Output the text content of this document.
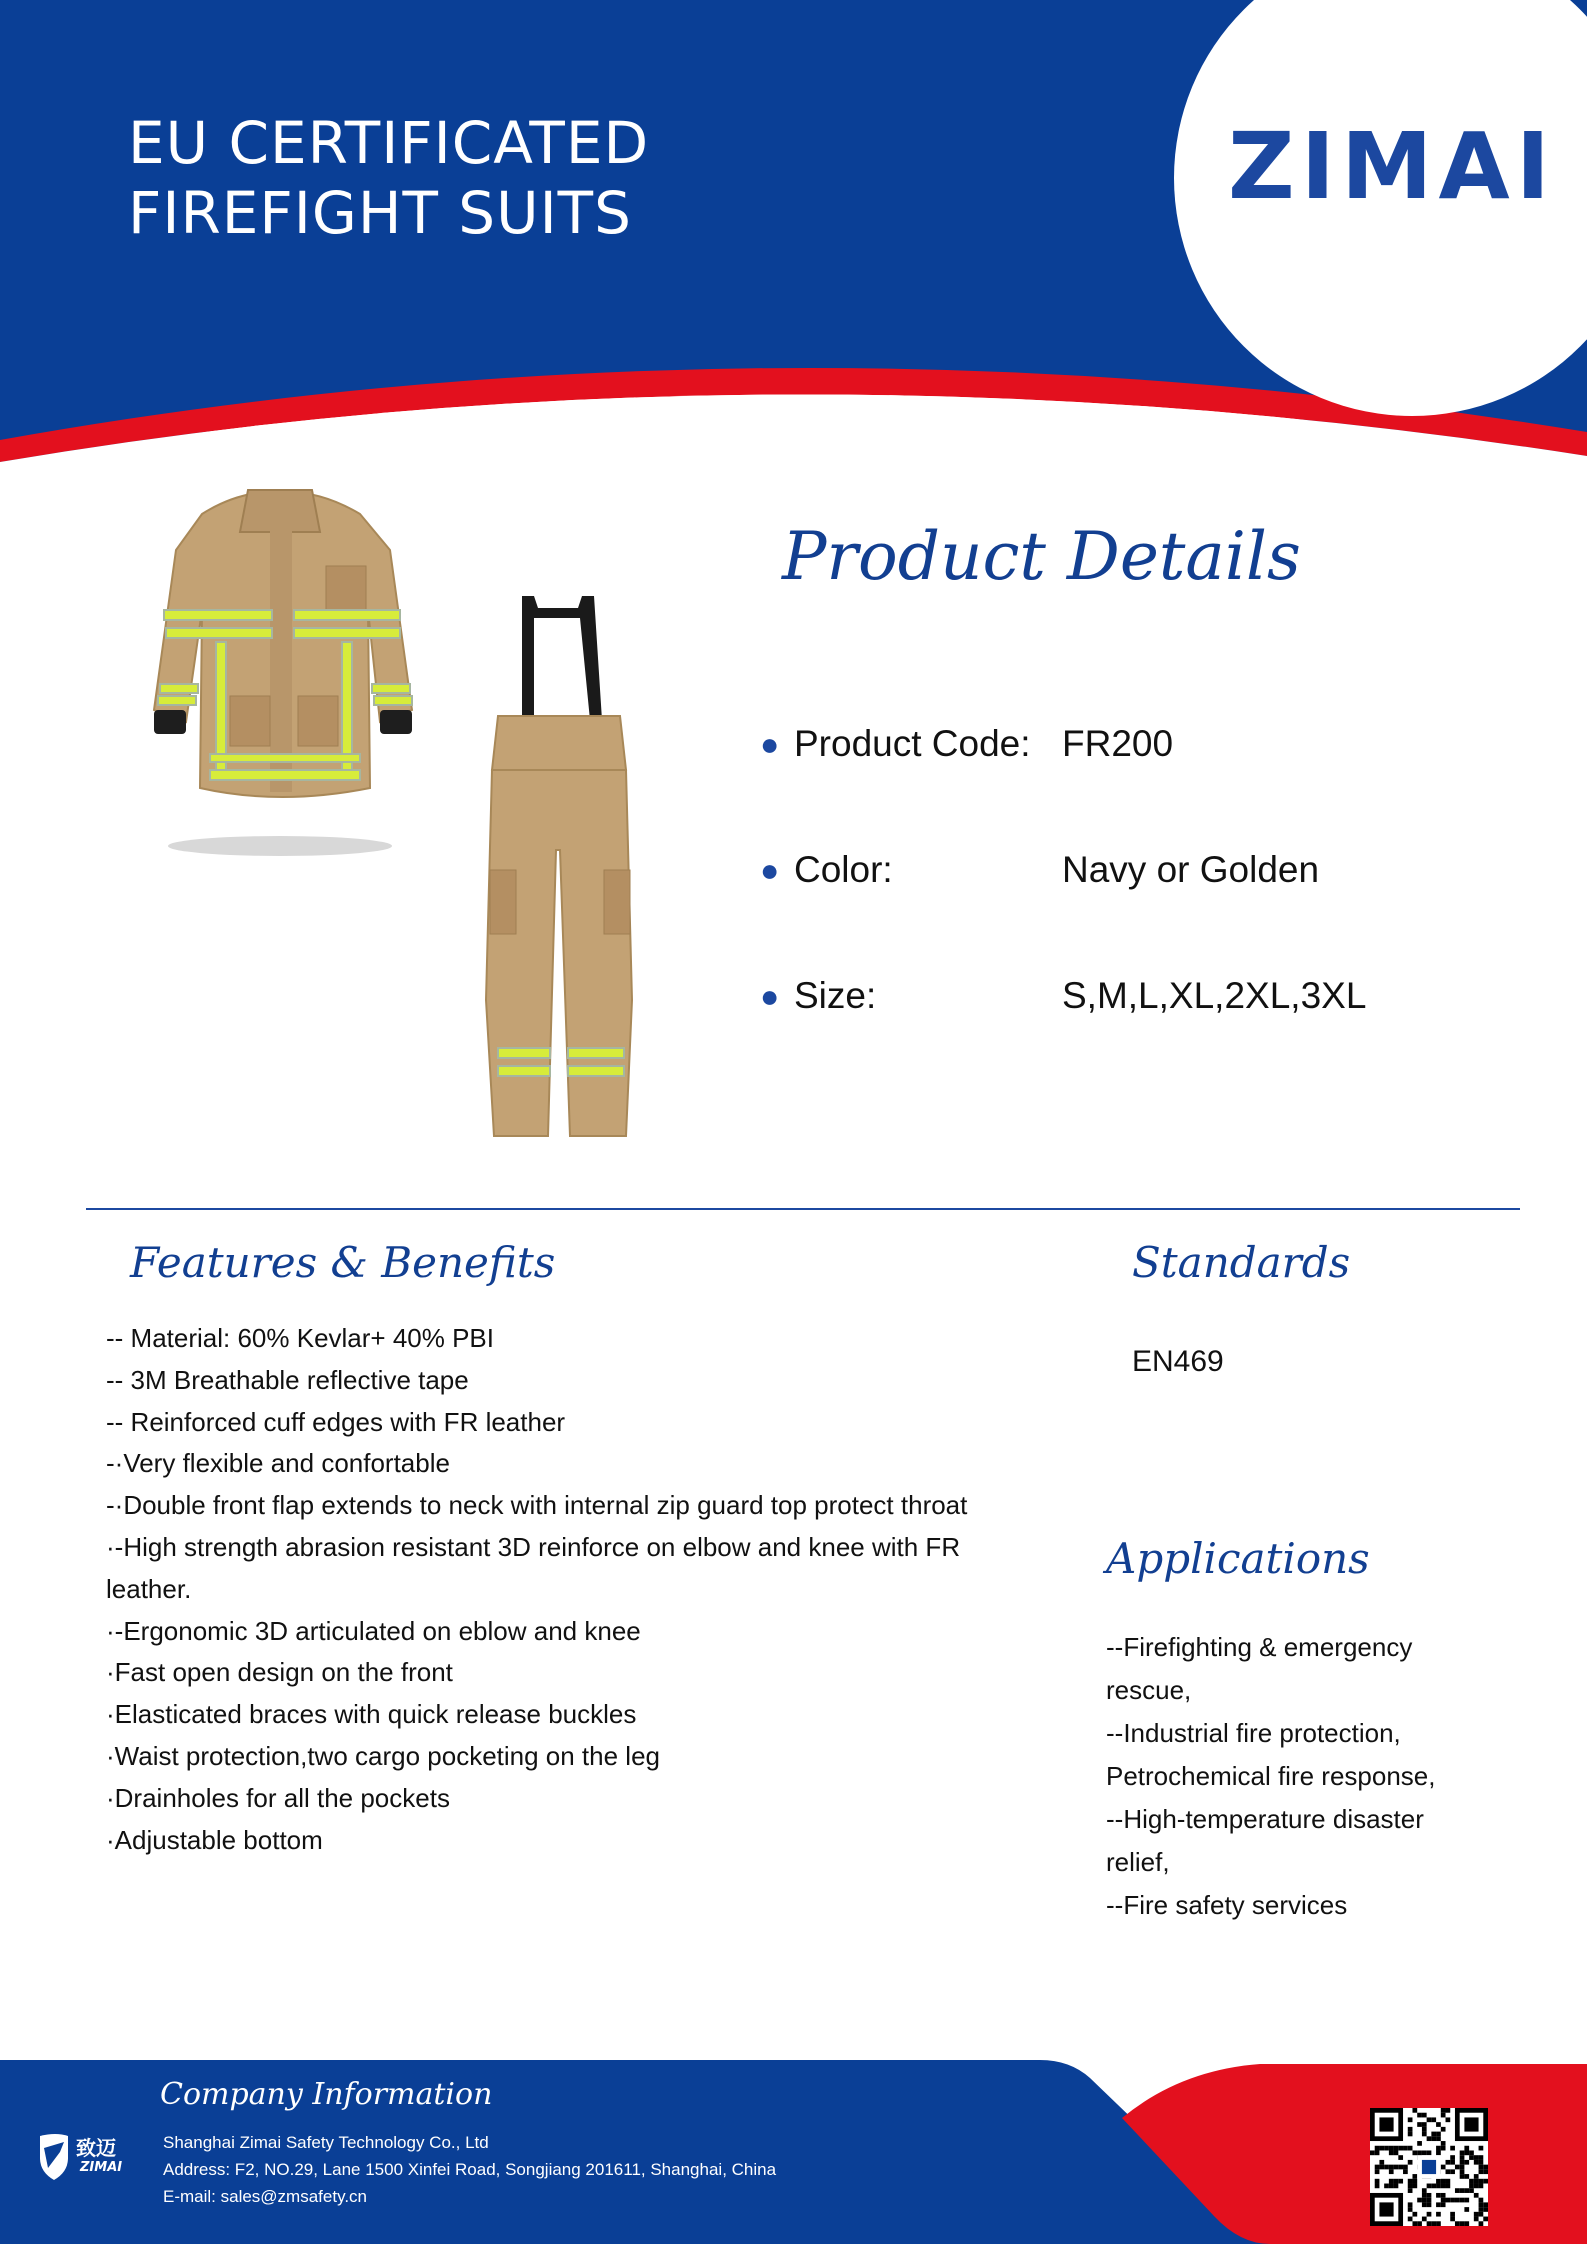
EU CERTIFICATED
FIREFIGHT SUITS	ZIMAI
Product Details
● Product Code: FR200
● Color:	Navy or Golden
● Size:	S,M,L,XL,2XL,3XL
Features & Benefits
-- Material: 60% Kevlar+ 40% PBI
-- 3M Breathable reflective tape
-- Reinforced cuff edges with FR leather
-·Very flexible and confortable
-·Double front flap extends to neck with internal zip guard top protect throat
·-High strength abrasion resistant 3D reinforce on elbow and knee with FR leather.
·-Ergonomic 3D articulated on eblow and knee
·Fast open design on the front
·Elasticated braces with quick release buckles
·Waist protection,two cargo pocketing on the leg
·Drainholes for all the pockets
·Adjustable bottom
Standards
EN469
Applications
--Firefighting & emergency rescue,
--Industrial fire protection, Petrochemical fire response,
--High-temperature disaster relief,
--Fire safety services
Company Information
Shanghai Zimai Safety Technology Co., Ltd
Address: F2, NO.29, Lane 1500 Xinfei Road, Songjiang 201611, Shanghai, China
E-mail: sales@zmsafety.cn
致迈
ZIMAI
